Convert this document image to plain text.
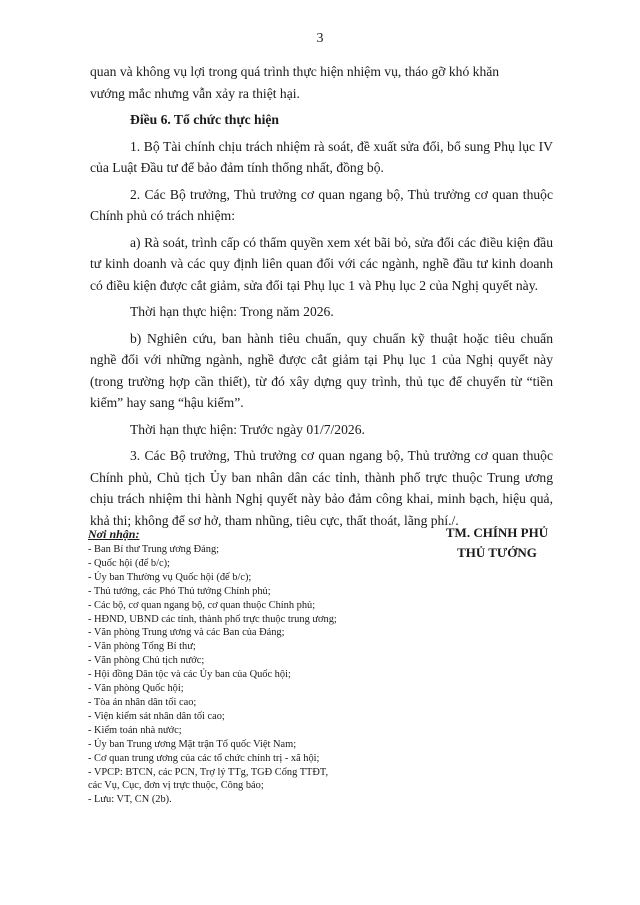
3

quan và không vụ lợi trong quá trình thực hiện nhiệm vụ, tháo gỡ khó khăn

vướng mắc nhưng vẫn xảy ra thiệt hại.

Điều 6. Tổ chức thực hiện

1. Bộ Tài chính chịu trách nhiệm rà soát, đề xuất sửa đổi, bổ sung Phụ lục IV của Luật Đầu tư để bảo đảm tính thống nhất, đồng bộ.

2. Các Bộ trưởng, Thủ trưởng cơ quan ngang bộ, Thủ trưởng cơ quan thuộc Chính phủ có trách nhiệm:

a) Rà soát, trình cấp có thẩm quyền xem xét bãi bỏ, sửa đổi các điều kiện đầu tư kinh doanh và các quy định liên quan đối với các ngành, nghề đầu tư kinh doanh có điều kiện được cắt giảm, sửa đổi tại Phụ lục 1 và Phụ lục 2 của Nghị quyết này.

Thời hạn thực hiện: Trong năm 2026.

b) Nghiên cứu, ban hành tiêu chuẩn, quy chuẩn kỹ thuật hoặc tiêu chuẩn nghề đối với những ngành, nghề được cắt giảm tại Phụ lục 1 của Nghị quyết này (trong trường hợp cần thiết), từ đó xây dựng quy trình, thủ tục để chuyển từ “tiền kiểm” hay sang “hậu kiểm”.

Thời hạn thực hiện: Trước ngày 01/7/2026.

3. Các Bộ trưởng, Thủ trưởng cơ quan ngang bộ, Thủ trưởng cơ quan thuộc Chính phủ, Chủ tịch Ủy ban nhân dân các tỉnh, thành phố trực thuộc Trung ương chịu trách nhiệm thi hành Nghị quyết này bảo đảm công khai, minh bạch, hiệu quả, khả thi; không để sơ hở, tham nhũng, tiêu cực, thất thoát, lãng phí./.

Nơi nhận:
- Ban Bí thư Trung ương Đảng;
- Quốc hội (để b/c);
- Ủy ban Thường vụ Quốc hội (để b/c);
- Thủ tướng, các Phó Thủ tướng Chính phủ;
- Các bộ, cơ quan ngang bộ, cơ quan thuộc Chính phủ;
- HĐND, UBND các tỉnh, thành phố trực thuộc trung ương;
- Văn phòng Trung ương và các Ban của Đảng;
- Văn phòng Tổng Bí thư;
- Văn phòng Chủ tịch nước;
- Hội đồng Dân tộc và các Ủy ban của Quốc hội;
- Văn phòng Quốc hội;
- Tòa án nhân dân tối cao;
- Viện kiểm sát nhân dân tối cao;
- Kiểm toán nhà nước;
- Ủy ban Trung ương Mặt trận Tổ quốc Việt Nam;
- Cơ quan trung ương của các tổ chức chính trị - xã hội;
- VPCP: BTCN, các PCN, Trợ lý TTg, TGĐ Cổng TTĐT,
các Vụ, Cục, đơn vị trực thuộc, Công báo;
- Lưu: VT, CN (2b).
TM. CHÍNH PHỦ
THỦ TƯỚNG
